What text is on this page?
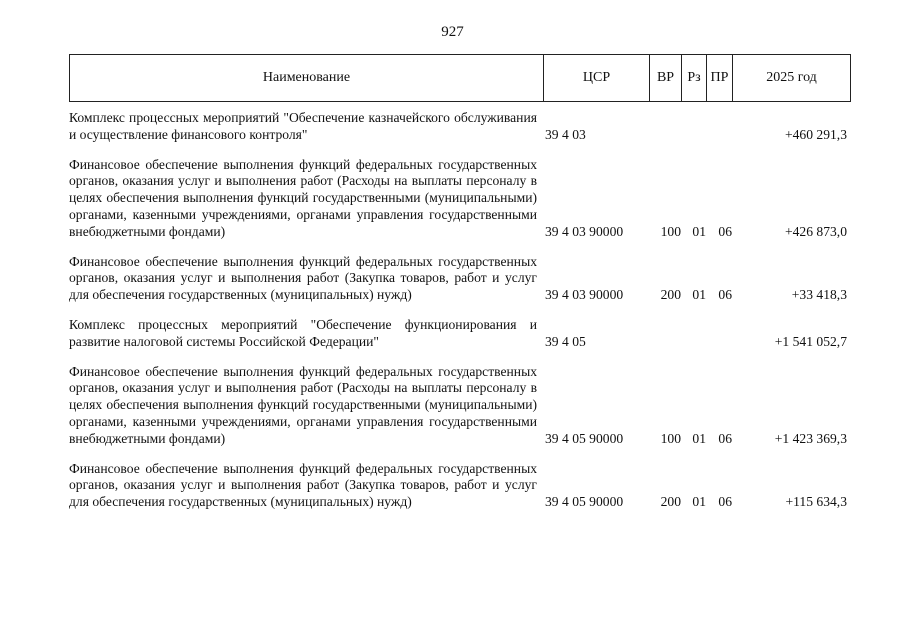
927
Наименование	ЦСР	ВР Рз ПР	2025 год
Комплекс процессных мероприятий "Обеспечение казначейского обслуживания и осуществление финансового контроля"	39 4 03	+460 291,3
Финансовое обеспечение выполнения функций федеральных государственных органов, оказания услуг и выполнения работ (Расходы на выплаты персоналу в целях обеспечения выполнения функций государственными (муниципальными) органами, казенными учреждениями, органами управления государственными внебюджетными фондами)	39 4 03 90000	100 01 06	+426 873,0
Финансовое обеспечение выполнения функций федеральных государственных органов, оказания услуг и выполнения работ (Закупка товаров, работ и услуг для обеспечения государственных (муниципальных) нужд)	39 4 03 90000	200 01 06	+33 418,3
Комплекс процессных мероприятий "Обеспечение функционирования и развитие налоговой системы Российской Федерации"	39 4 05	+1 541 052,7
Финансовое обеспечение выполнения функций федеральных государственных органов, оказания услуг и выполнения работ (Расходы на выплаты персоналу в целях обеспечения выполнения функций государственными (муниципальными) органами, казенными учреждениями, органами управления государственными внебюджетными фондами)	39 4 05 90000	100 01 06	+1 423 369,3
Финансовое обеспечение выполнения функций федеральных государственных органов, оказания услуг и выполнения работ (Закупка товаров, работ и услуг для обеспечения государственных (муниципальных) нужд)	39 4 05 90000	200 01 06	+115 634,3
